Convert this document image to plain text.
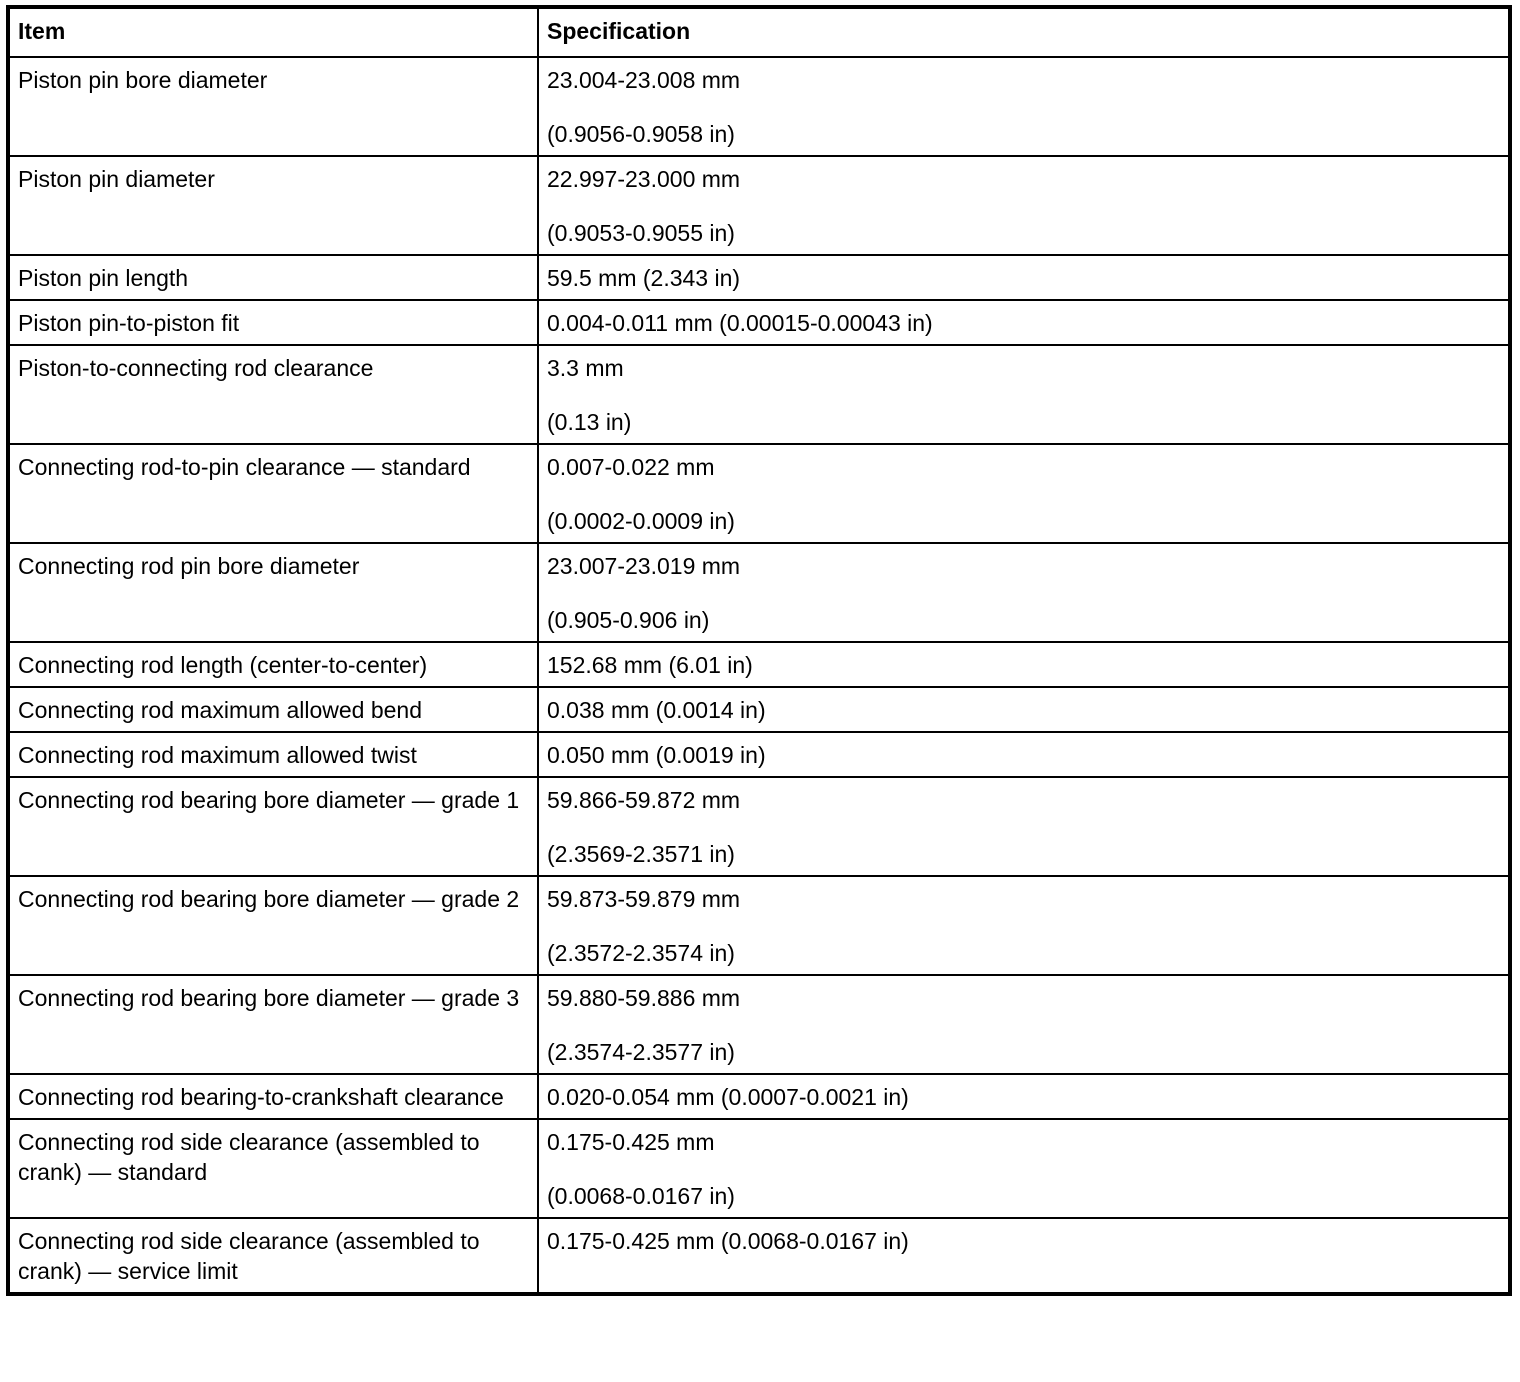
Item	Specification
Piston pin bore diameter	23.004-23.008 mm
(0.9056-0.9058 in)

Piston pin diameter	22.997-23.000 mm
(0.9053-0.9055 in)

Piston pin length	59.5 mm (2.343 in)

Piston pin-to-piston fit	0.004-0.011 mm (0.00015-0.00043 in)

Piston-to-connecting rod clearance	3.3 mm
(0.13 in)

Connecting rod-to-pin clearance — standard	0.007-0.022 mm
(0.0002-0.0009 in)

Connecting rod pin bore diameter	23.007-23.019 mm
(0.905-0.906 in)

Connecting rod length (center-to-center)	152.68 mm (6.01 in)

Connecting rod maximum allowed bend	0.038 mm (0.0014 in)

Connecting rod maximum allowed twist	0.050 mm (0.0019 in)

Connecting rod bearing bore diameter — grade 1	59.866-59.872 mm
(2.3569-2.3571 in)

Connecting rod bearing bore diameter — grade 2	59.873-59.879 mm
(2.3572-2.3574 in)

Connecting rod bearing bore diameter — grade 3	59.880-59.886 mm
(2.3574-2.3577 in)

Connecting rod bearing-to-crankshaft clearance	0.020-0.054 mm (0.0007-0.0021 in)

Connecting rod side clearance (assembled to crank) — standard	0.175-0.425 mm
(0.0068-0.0167 in)

Connecting rod side clearance (assembled to crank) — service limit	0.175-0.425 mm (0.0068-0.0167 in)
